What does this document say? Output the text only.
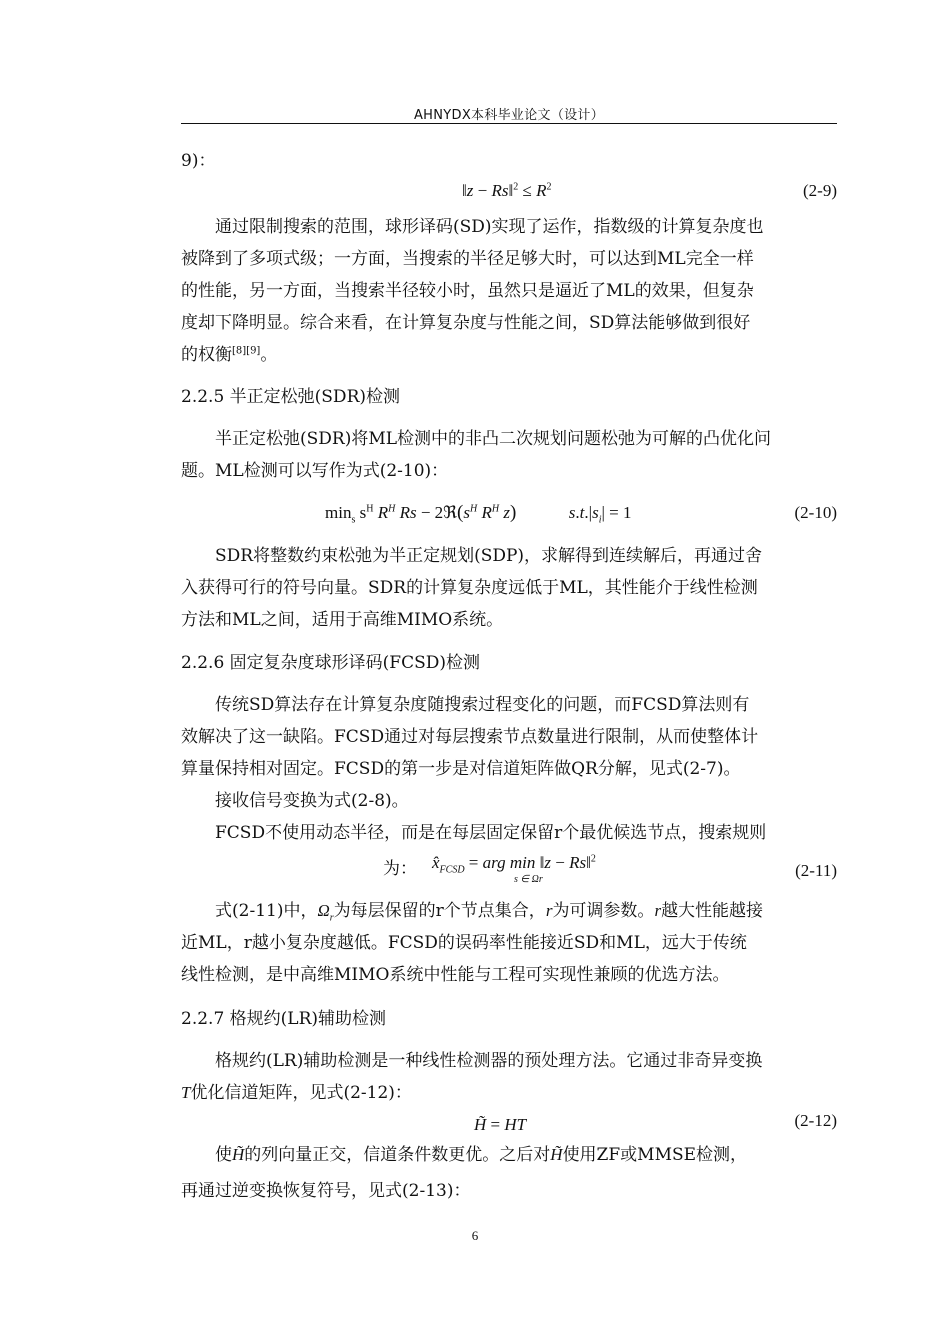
AHNYDX本科毕业论文（设计）
9)：
‖z − Rs‖$^2$ ≤ $R^2$	(2-9)
通过限制搜索的范围，球形译码(SD)实现了运作，指数级的计算复杂度也
被降到了多项式级；一方面，当搜索的半径足够大时，可以达到ML完全一样
的性能，另一方面，当搜索半径较小时，虽然只是逼近了ML的效果，但复杂
度却下降明显。综合来看，在计算复杂度与性能之间，SD算法能够做到很好
的权衡[8][9]。
2.2.5 半正定松弛(SDR)检测
半正定松弛(SDR)将ML检测中的非凸二次规划问题松弛为可解的凸优化问
题。ML检测可以写作为式(2-10)：
$\min_s s^H$ $R^H$ $Rs - 2ℜ(s^H$ $R^H$ z)	$s.t.|s_i| = 1$	(2-10)
SDR将整数约束松弛为半正定规划(SDP)，求解得到连续解后，再通过舍
入获得可行的符号向量。SDR的计算复杂度远低于ML，其性能介于线性检测
方法和ML之间，适用于高维MIMO系统。
2.2.6 固定复杂度球形译码(FCSD)检测
传统SD算法存在计算复杂度随搜索过程变化的问题，而FCSD算法则有
效解决了这一缺陷。FCSD通过对每层搜索节点数量进行限制，从而使整体计
算量保持相对固定。FCSD的第一步是对信道矩阵做QR分解，见式(2-7)。
接收信号变换为式(2-8)。
FCSD不使用动态半径，而是在每层固定保留r个最优候选节点，搜索规则
为： $x̂_{FCSD}$ = arg min ‖z − Rs‖$^2$
s ∈ Ωr	(2-11)
式(2-11)中，$\Omega_r$为每层保留的r个节点集合，r为可调参数。r越大性能越接
近ML，r越小复杂度越低。FCSD的误码率性能接近SD和ML，远大于传统
线性检测，是中高维MIMO系统中性能与工程可实现性兼顾的优选方法。
2.2.7 格规约(LR)辅助检测
格规约(LR)辅助检测是一种线性检测器的预处理方法。它通过非奇异变换
T优化信道矩阵，见式(2-12)：
H̃ = HT	(2-12)
使H̃的列向量正交，信道条件数更优。之后对H̃使用ZF或MMSE检测，
再通过逆变换恢复符号，见式(2-13)：
6
